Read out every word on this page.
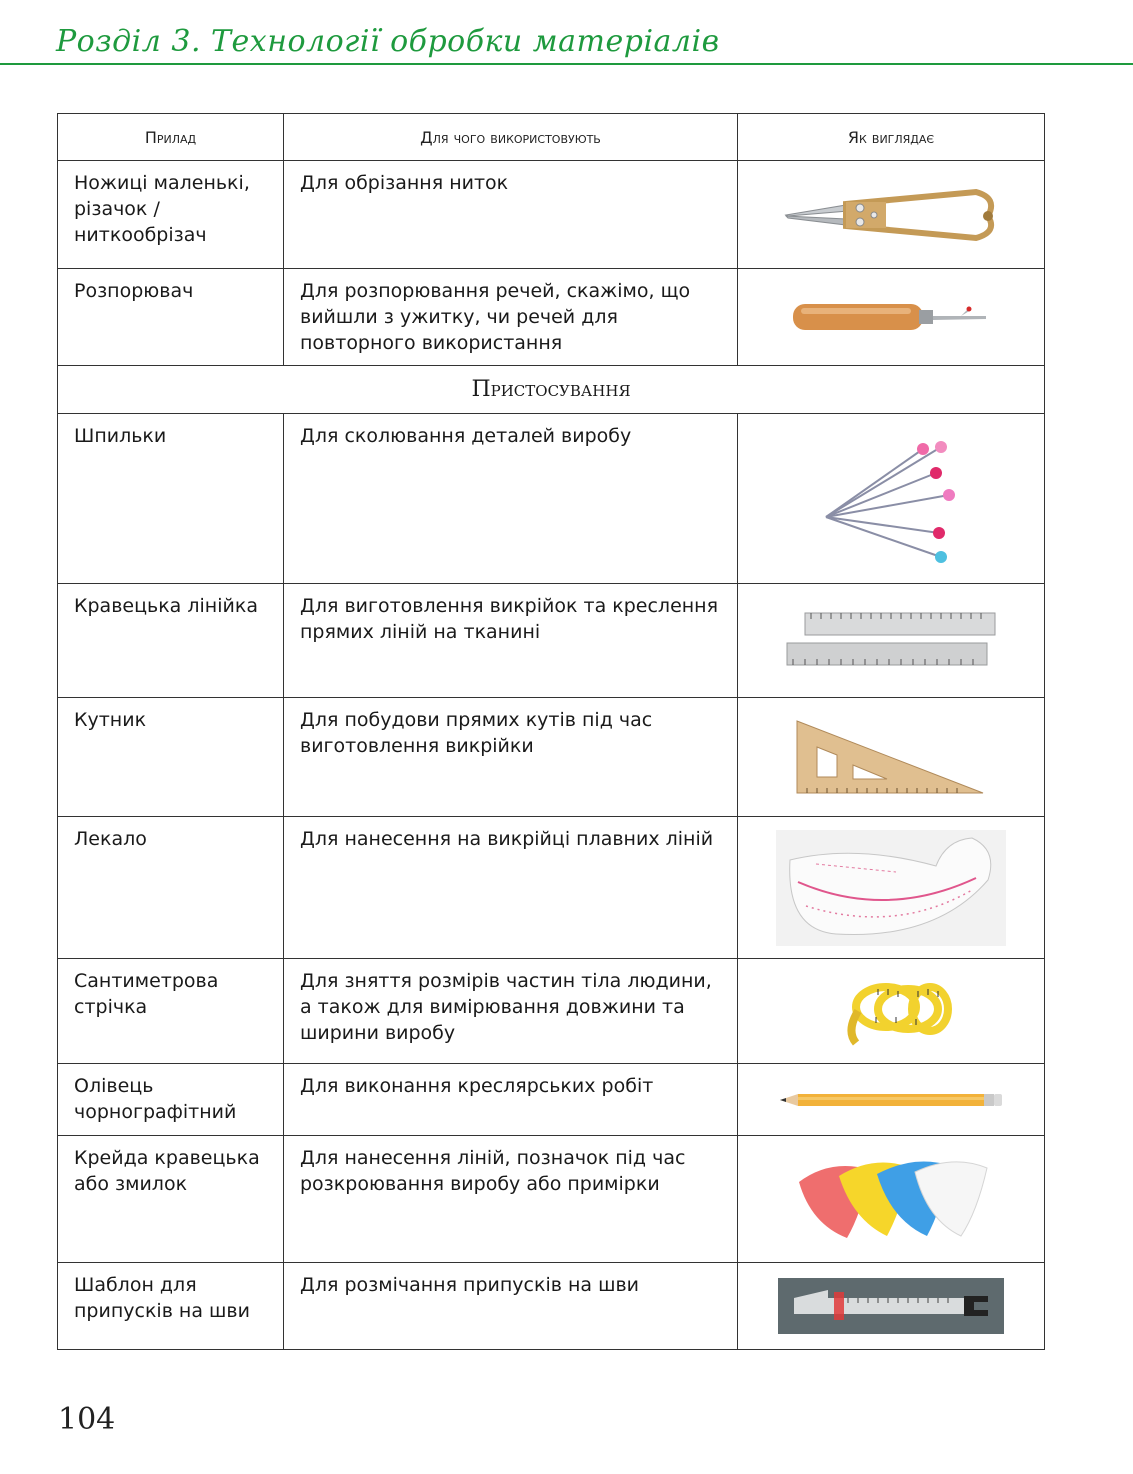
Розділ 3. Технології обробки матеріалів
Прилад	Для чого використовують	Як виглядає
Ножиці маленькі, різачок / ниткообрізач	Для обрізання ниток	

Розпорювач	Для розпорювання речей, скажімо, що вийшли з ужитку, чи речей для повторного використання	

Пристосування		
Шпильки	Для сколювання деталей виробу	

Кравецька лінійка	Для виготовлення викрійок та креслення прямих ліній на тканині	

Кутник	Для побудови прямих кутів під час виготовлення викрійки	

Лекало	Для нанесення на викрійці плавних ліній	

Сантиметрова стрічка	Для зняття розмірів частин тіла людини, а також для вимірювання довжини та ширини виробу	

Олівець чорнографітний	Для виконання креслярських робіт	

Крейда кравецька або змилок	Для нанесення ліній, позначок під час розкроювання виробу або примірки	

Шаблон для припусків на шви	Для розмічання припусків на шви	
104
